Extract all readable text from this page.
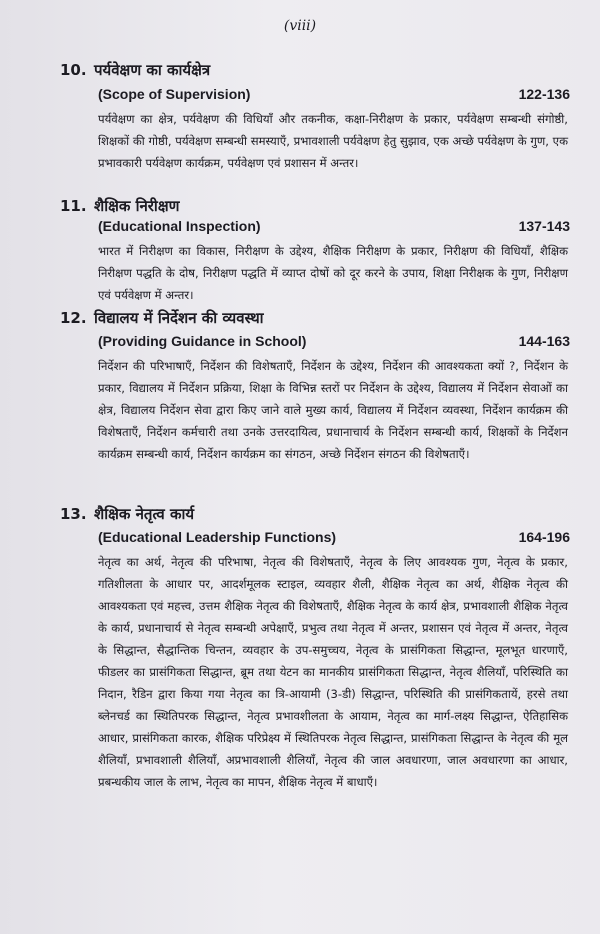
(viii)
10. पर्यवेक्षण का कार्यक्षेत्र
(Scope of Supervision)	122-136
पर्यवेक्षण का क्षेत्र, पर्यवेक्षण की विधियाँ और तकनीक, कक्षा-निरीक्षण के प्रकार, पर्यवेक्षण सम्बन्धी संगोष्ठी, शिक्षकों की गोष्ठी, पर्यवेक्षण सम्बन्धी समस्याएँ, प्रभावशाली पर्यवेक्षण हेतु सुझाव, एक अच्छे पर्यवेक्षण के गुण, एक प्रभावकारी पर्यवेक्षण कार्यक्रम, पर्यवेक्षण एवं प्रशासन में अन्तर।
11. शैक्षिक निरीक्षण
(Educational Inspection)	137-143
भारत में निरीक्षण का विकास, निरीक्षण के उद्देश्य, शैक्षिक निरीक्षण के प्रकार, निरीक्षण की विधियाँ, शैक्षिक निरीक्षण पद्धति के दोष, निरीक्षण पद्धति में व्याप्त दोषों को दूर करने के उपाय, शिक्षा निरीक्षक के गुण, निरीक्षण एवं पर्यवेक्षण में अन्तर।
12. विद्यालय में निर्देशन की व्यवस्था
(Providing Guidance in School)	144-163
निर्देशन की परिभाषाएँ, निर्देशन की विशेषताएँ, निर्देशन के उद्देश्य, निर्देशन की आवश्यकता क्यों ?, निर्देशन के प्रकार, विद्यालय में निर्देशन प्रक्रिया, शिक्षा के विभिन्न स्तरों पर निर्देशन के उद्देश्य, विद्यालय में निर्देशन सेवाओं का क्षेत्र, विद्यालय निर्देशन सेवा द्वारा किए जाने वाले मुख्य कार्य, विद्यालय में निर्देशन व्यवस्था, निर्देशन कार्यक्रम की विशेषताएँ, निर्देशन कर्मचारी तथा उनके उत्तरदायित्व, प्रधानाचार्य के निर्देशन सम्बन्धी कार्य, शिक्षकों के निर्देशन कार्यक्रम सम्बन्धी कार्य, निर्देशन कार्यक्रम का संगठन, अच्छे निर्देशन संगठन की विशेषताएँ।
13. शैक्षिक नेतृत्व कार्य
(Educational Leadership Functions)	164-196
नेतृत्व का अर्थ, नेतृत्व की परिभाषा, नेतृत्व की विशेषताएँ, नेतृत्व के लिए आवश्यक गुण, नेतृत्व के प्रकार, गतिशीलता के आधार पर, आदर्शमूलक स्टाइल, व्यवहार शैली, शैक्षिक नेतृत्व का अर्थ, शैक्षिक नेतृत्व की आवश्यकता एवं महत्त्व, उत्तम शैक्षिक नेतृत्व की विशेषताएँ, शैक्षिक नेतृत्व के कार्य क्षेत्र, प्रभावशाली शैक्षिक नेतृत्व के कार्य, प्रधानाचार्य से नेतृत्व सम्बन्धी अपेक्षाएँ, प्रभुत्व तथा नेतृत्व में अन्तर, प्रशासन एवं नेतृत्व में अन्तर, नेतृत्व के सिद्धान्त, सैद्धान्तिक चिन्तन, व्यवहार के उप-समुच्चय, नेतृत्व के प्रासंगिकता सिद्धान्त, मूलभूत धारणाएँ, फीडलर का प्रासंगिकता सिद्धान्त, ब्रूम तथा येटन का मानकीय प्रासंगिकता सिद्धान्त, नेतृत्व शैलियाँ, परिस्थिति का निदान, रैडिन द्वारा किया गया नेतृत्व का त्रि-आयामी (3-डी) सिद्धान्त, परिस्थिति की प्रासंगिकतायें, हरसे तथा ब्लेनचर्ड का स्थितिपरक सिद्धान्त, नेतृत्व प्रभावशीलता के आयाम, नेतृत्व का मार्ग-लक्ष्य सिद्धान्त, ऐतिहासिक आधार, प्रासंगिकता कारक, शैक्षिक परिप्रेक्ष्य में स्थितिपरक नेतृत्व सिद्धान्त, प्रासंगिकता सिद्धान्त के नेतृत्व की मूल शैलियाँ, प्रभावशाली शैलियाँ, अप्रभावशाली शैलियाँ, नेतृत्व की जाल अवधारणा, जाल अवधारणा का आधार, प्रबन्धकीय जाल के लाभ, नेतृत्व का मापन, शैक्षिक नेतृत्व में बाधाएँ।
